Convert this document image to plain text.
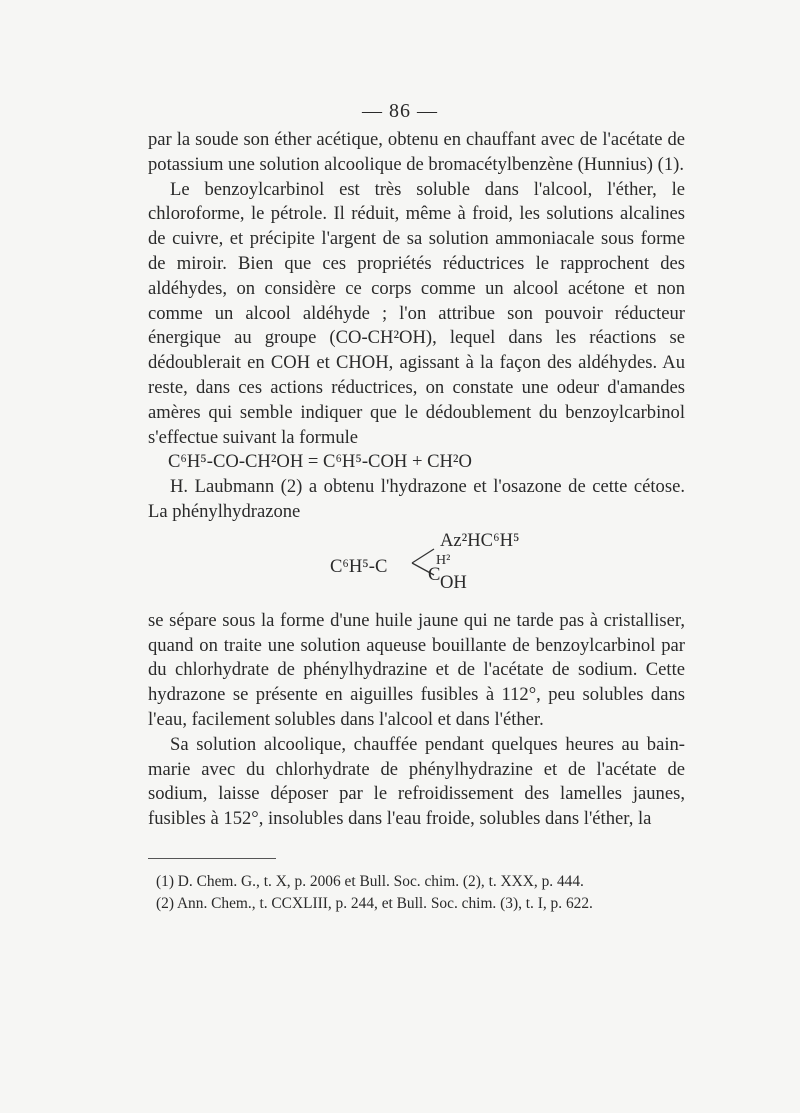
— 86 —

par la soude son éther acétique, obtenu en chauffant avec de l'acétate de potassium une solution alcoolique de bromacétylbenzène (Hunnius) (1).

Le benzoylcarbinol est très soluble dans l'alcool, l'éther, le chloroforme, le pétrole. Il réduit, même à froid, les solutions alcalines de cuivre, et précipite l'argent de sa solution ammoniacale sous forme de miroir. Bien que ces propriétés réductrices le rapprochent des aldéhydes, on considère ce corps comme un alcool acétone et non comme un alcool aldéhyde ; l'on attribue son pouvoir réducteur énergique au groupe (CO-CH²OH), lequel dans les réactions se dédoublerait en COH et CHOH, agissant à la façon des aldéhydes. Au reste, dans ces actions réductrices, on constate une odeur d'amandes amères qui semble indiquer que le dédoublement du benzoylcarbinol s'effectue suivant la formule

C⁶H⁵-CO-CH²OH = C⁶H⁵-COH + CH²O

H. Laubmann (2) a obtenu l'hydrazone et l'osazone de cette cétose. La phénylhydrazone

Az²HC⁶H⁵
C⁶H⁵-C	H²
C OH

se sépare sous la forme d'une huile jaune qui ne tarde pas à cristalliser, quand on traite une solution aqueuse bouillante de benzoylcarbinol par du chlorhydrate de phénylhydrazine et de l'acétate de sodium. Cette hydrazone se présente en aiguilles fusibles à 112°, peu solubles dans l'eau, facilement solubles dans l'alcool et dans l'éther.

Sa solution alcoolique, chauffée pendant quelques heures au bain-marie avec du chlorhydrate de phénylhydrazine et de l'acétate de sodium, laisse déposer par le refroidissement des lamelles jaunes, fusibles à 152°, insolubles dans l'eau froide, solubles dans l'éther, la

(1) D. Chem. G., t. X, p. 2006 et Bull. Soc. chim. (2), t. XXX, p. 444.

(2) Ann. Chem., t. CCXLIII, p. 244, et Bull. Soc. chim. (3), t. I, p. 622.
